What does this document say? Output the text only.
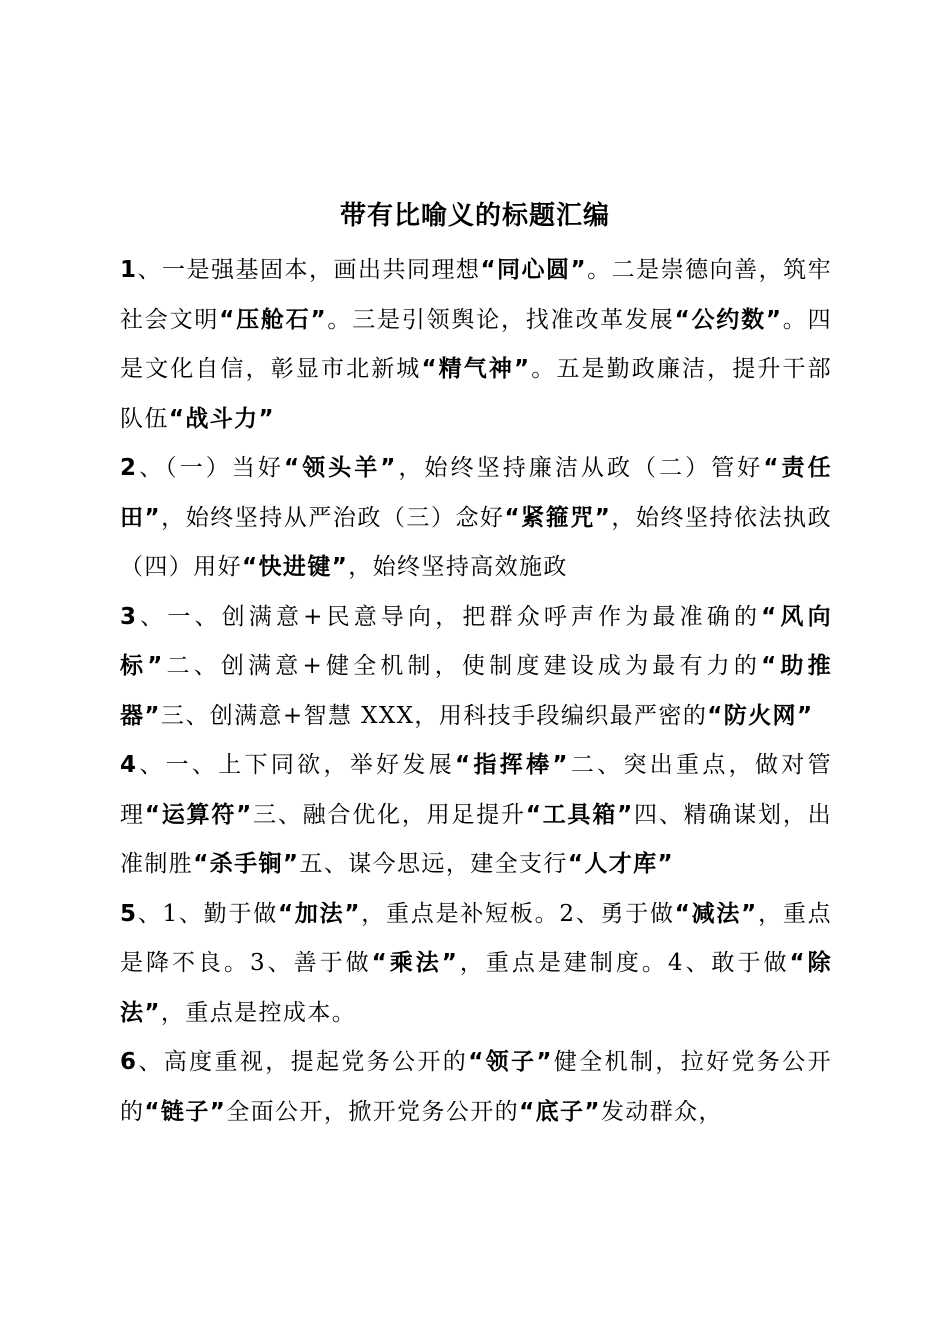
带有比喻义的标题汇编

1、一是强基固本，画出共同理想“同心圆”。二是崇德向善，筑牢社会文明“压舱石”。三是引领舆论，找准改革发展“公约数”。四是文化自信，彰显市北新城“精气神”。五是勤政廉洁，提升干部队伍“战斗力”

2、（一）当好“领头羊”，始终坚持廉洁从政（二）管好“责任田”，始终坚持从严治政（三）念好“紧箍咒”，始终坚持依法执政（四）用好“快进键”，始终坚持高效施政

3、一、创满意+民意导向，把群众呼声作为最准确的“风向标”二、创满意+健全机制，使制度建设成为最有力的“助推器”三、创满意+智慧 XXX，用科技手段编织最严密的“防火网”

4、一、上下同欲，举好发展“指挥棒”二、突出重点，做对管理“运算符”三、融合优化，用足提升“工具箱”四、精确谋划，出准制胜“杀手锏”五、谋今思远，建全支行“人才库”

5、1、勤于做“加法”，重点是补短板。2、勇于做“减法”，重点是降不良。3、善于做“乘法”，重点是建制度。4、敢于做“除法”，重点是控成本。

6、高度重视，提起党务公开的“领子”健全机制，拉好党务公开的“链子”全面公开，掀开党务公开的“底子”发动群众，
